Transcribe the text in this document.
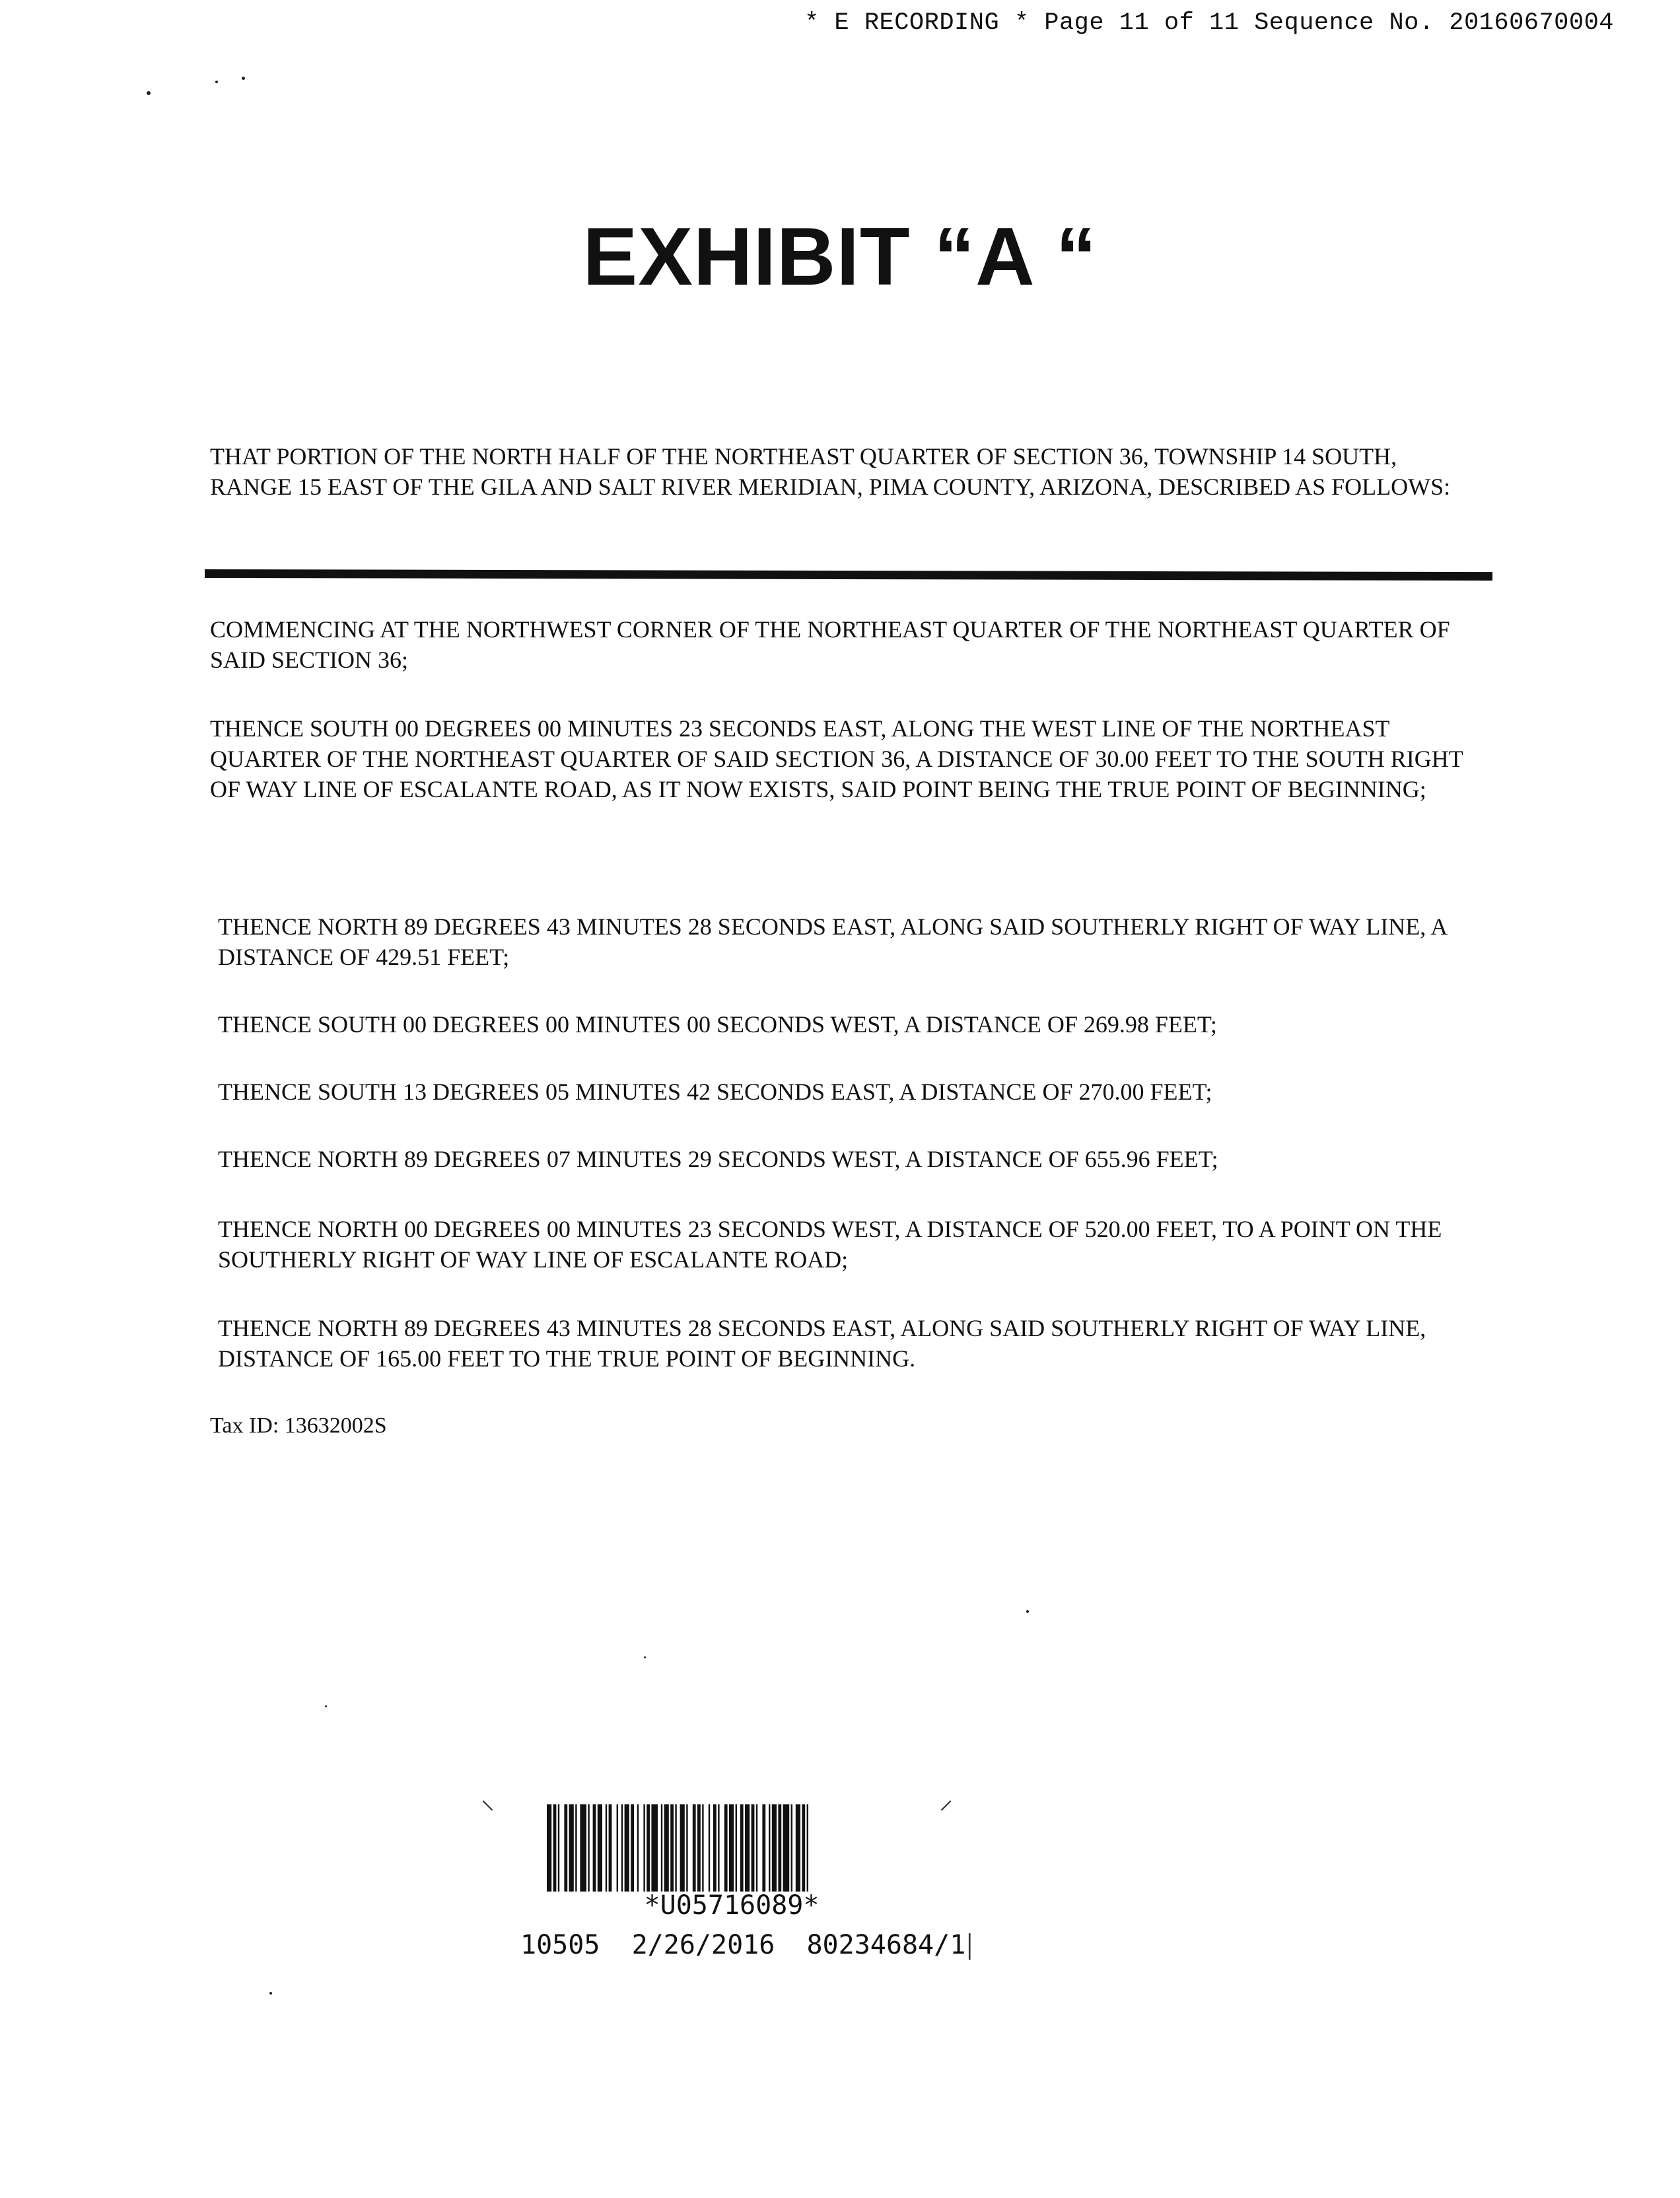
* E RECORDING * Page 11 of 11 Sequence No. 20160670004
EXHIBIT “A “
THAT PORTION OF THE NORTH HALF OF THE NORTHEAST QUARTER OF SECTION 36, TOWNSHIP 14 SOUTH, RANGE 15 EAST OF THE GILA AND SALT RIVER MERIDIAN, PIMA COUNTY, ARIZONA, DESCRIBED AS FOLLOWS:
COMMENCING AT THE NORTHWEST CORNER OF THE NORTHEAST QUARTER OF THE NORTHEAST QUARTER OF SAID SECTION 36;
THENCE SOUTH 00 DEGREES 00 MINUTES 23 SECONDS EAST, ALONG THE WEST LINE OF THE NORTHEAST QUARTER OF THE NORTHEAST QUARTER OF SAID SECTION 36, A DISTANCE OF 30.00 FEET TO THE SOUTH RIGHT OF WAY LINE OF ESCALANTE ROAD, AS IT NOW EXISTS, SAID POINT BEING THE TRUE POINT OF BEGINNING;
THENCE NORTH 89 DEGREES 43 MINUTES 28 SECONDS EAST, ALONG SAID SOUTHERLY RIGHT OF WAY LINE, A DISTANCE OF 429.51 FEET;
THENCE SOUTH 00 DEGREES 00 MINUTES 00 SECONDS WEST, A DISTANCE OF 269.98 FEET;
THENCE SOUTH 13 DEGREES 05 MINUTES 42 SECONDS EAST, A DISTANCE OF 270.00 FEET;
THENCE NORTH 89 DEGREES 07 MINUTES 29 SECONDS WEST, A DISTANCE OF 655.96 FEET;
THENCE NORTH 00 DEGREES 00 MINUTES 23 SECONDS WEST, A DISTANCE OF 520.00 FEET, TO A POINT ON THE SOUTHERLY RIGHT OF WAY LINE OF ESCALANTE ROAD;
THENCE NORTH 89 DEGREES 43 MINUTES 28 SECONDS EAST, ALONG SAID SOUTHERLY RIGHT OF WAY LINE, DISTANCE OF 165.00 FEET TO THE TRUE POINT OF BEGINNING.
Tax ID: 13632002S
⸌	⸍
*U05716089*
10505  2/26/2016  80234684/1
│
